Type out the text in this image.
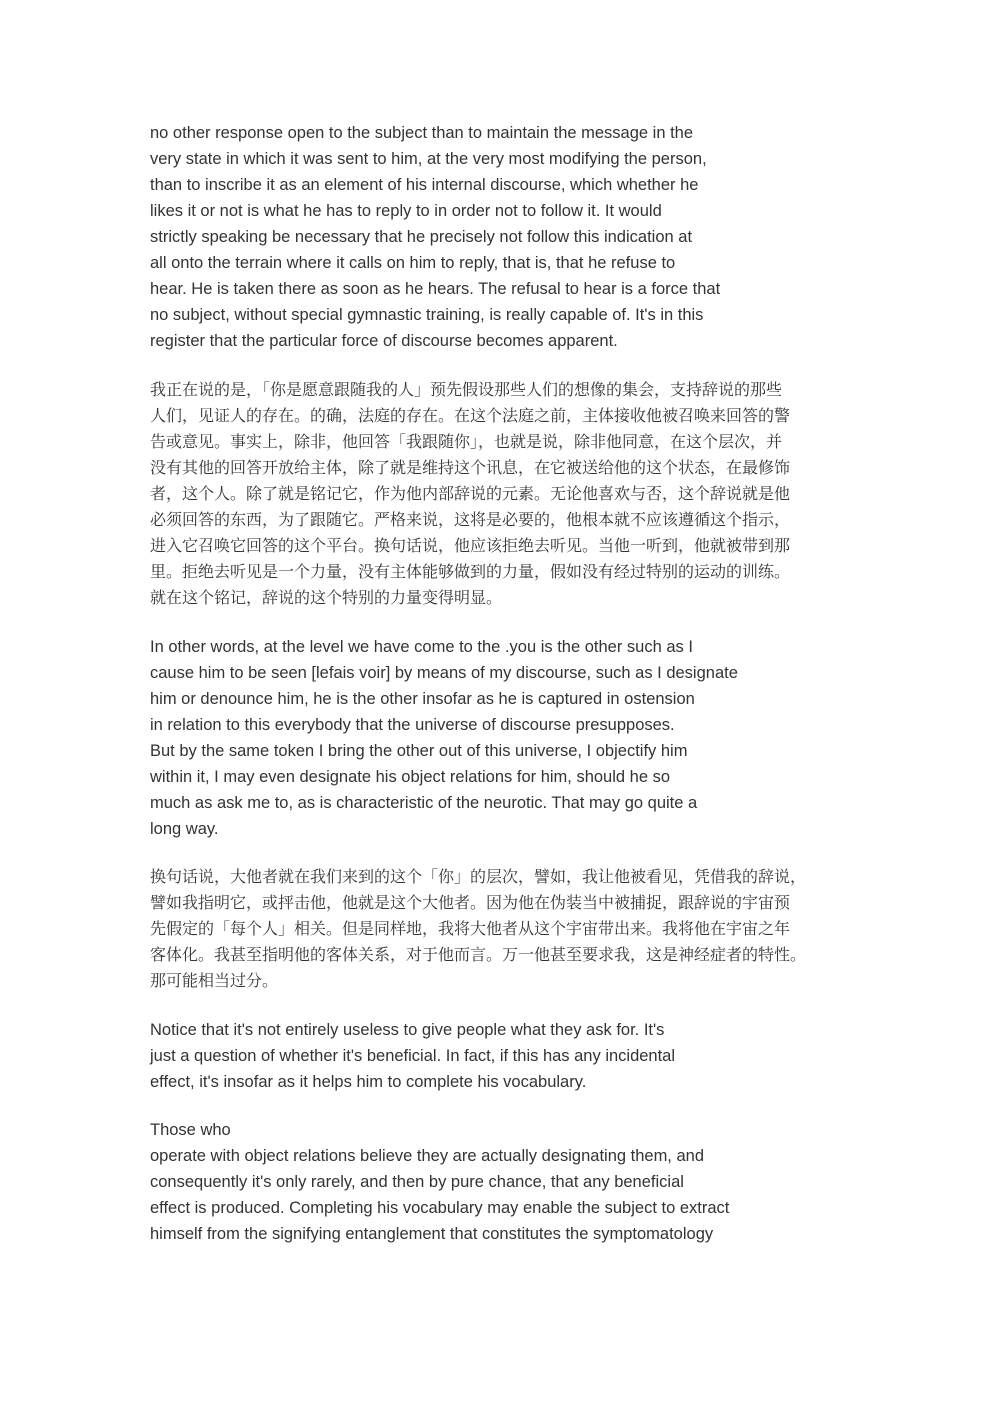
no other response open to the subject than to maintain the message in the
very state in which it was sent to him, at the very most modifying the person,
than to inscribe it as an element of his internal discourse, which whether he
likes it or not is what he has to reply to in order not to follow it. It would
strictly speaking be necessary that he precisely not follow this indication at
all onto the terrain where it calls on him to reply, that is, that he refuse to
hear. He is taken there as soon as he hears. The refusal to hear is a force that
no subject, without special gymnastic training, is really capable of. It's in this
register that the particular force of discourse becomes apparent.
我正在说的是，「你是愿意跟随我的人」预先假设那些人们的想像的集会，支持辞说的那些
人们，见证人的存在。的确，法庭的存在。在这个法庭之前，主体接收他被召唤来回答的警
告或意见。事实上，除非，他回答「我跟随你」，也就是说，除非他同意，在这个层次，并
没有其他的回答开放给主体，除了就是维持这个讯息，在它被送给他的这个状态，在最修饰
者，这个人。除了就是铭记它，作为他内部辞说的元素。无论他喜欢与否，这个辞说就是他
必须回答的东西，为了跟随它。严格来说，这将是必要的，他根本就不应该遵循这个指示，
进入它召唤它回答的这个平台。换句话说，他应该拒绝去听见。当他一听到，他就被带到那
里。拒绝去听见是一个力量，没有主体能够做到的力量，假如没有经过特别的运动的训练。
就在这个铭记，辞说的这个特别的力量变得明显。
In other words, at the level we have come to the .you is the other such as I
cause him to be seen [lefais voir] by means of my discourse, such as I designate
him or denounce him, he is the other insofar as he is captured in ostension
in relation to this everybody that the universe of discourse presupposes.
But by the same token I bring the other out of this universe, I objectify him
within it, I may even designate his object relations for him, should he so
much as ask me to, as is characteristic of the neurotic. That may go quite a
long way.
换句话说，大他者就在我们来到的这个「你」的层次，譬如，我让他被看见，凭借我的辞说，
譬如我指明它，或抨击他，他就是这个大他者。因为他在伪装当中被捕捉，跟辞说的宇宙预
先假定的「每个人」相关。但是同样地，我将大他者从这个宇宙带出来。我将他在宇宙之年
客体化。我甚至指明他的客体关系，对于他而言。万一他甚至要求我，这是神经症者的特性。
那可能相当过分。
Notice that it's not entirely useless to give people what they ask for. It's
just a question of whether it's beneficial. In fact, if this has any incidental
effect, it's insofar as it helps him to complete his vocabulary.
Those who
operate with object relations believe they are actually designating them, and
consequently it's only rarely, and then by pure chance, that any beneficial
effect is produced. Completing his vocabulary may enable the subject to extract
himself from the signifying entanglement that constitutes the symptomatology
